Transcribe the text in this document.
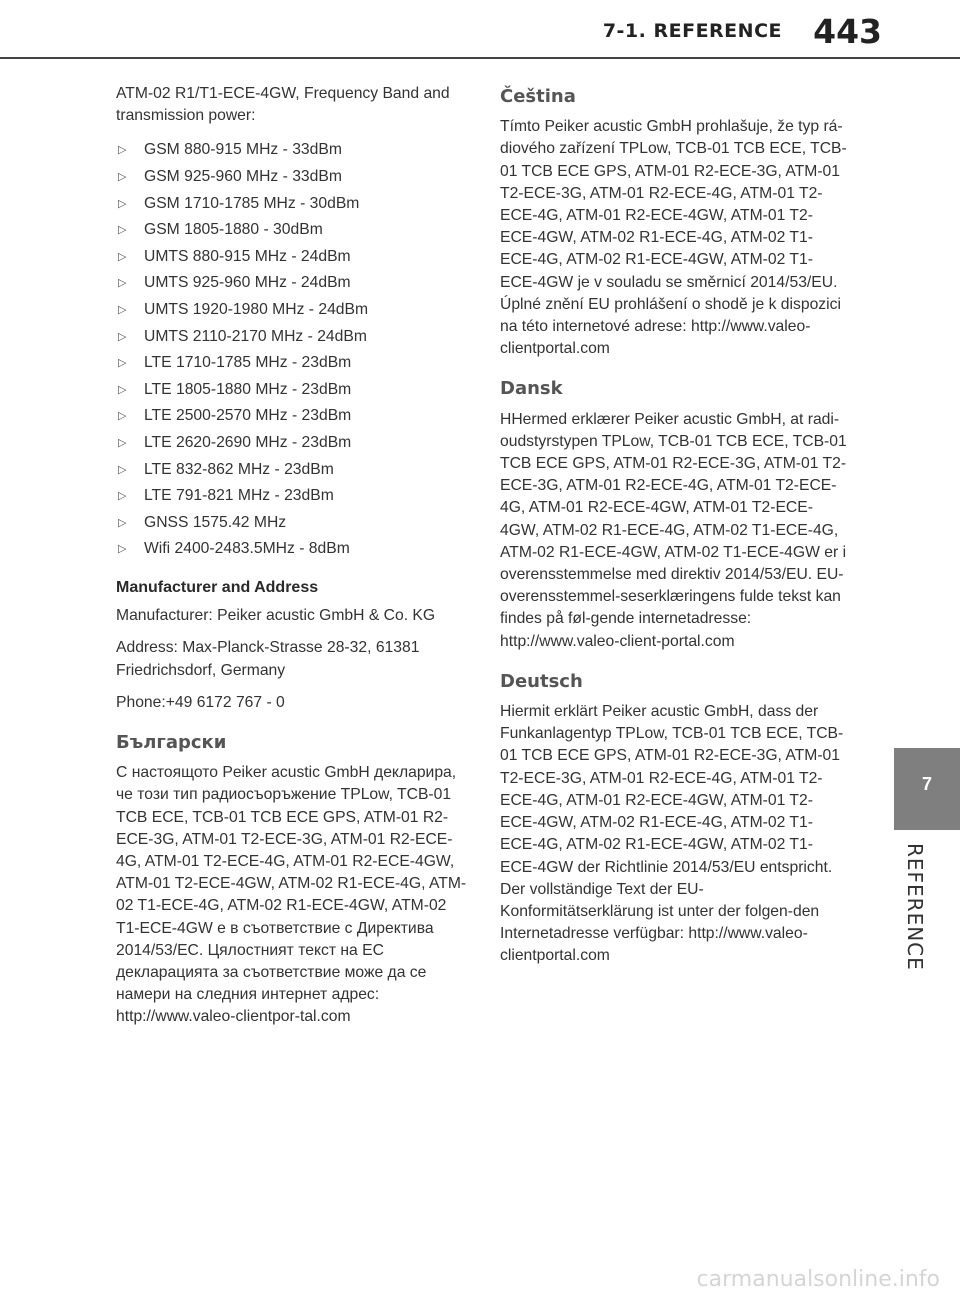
7-1. REFERENCE 443

ATM-02 R1/T1-ECE-4GW, Frequency Band and transmission power:

▷ GSM 880-915 MHz - 33dBm
▷ GSM 925-960 MHz - 33dBm
▷ GSM 1710-1785 MHz - 30dBm
▷ GSM 1805-1880 - 30dBm
▷ UMTS 880-915 MHz - 24dBm
▷ UMTS 925-960 MHz - 24dBm
▷ UMTS 1920-1980 MHz - 24dBm
▷ UMTS 2110-2170 MHz - 24dBm
▷ LTE 1710-1785 MHz - 23dBm
▷ LTE 1805-1880 MHz - 23dBm
▷ LTE 2500-2570 MHz - 23dBm
▷ LTE 2620-2690 MHz - 23dBm
▷ LTE 832-862 MHz - 23dBm
▷ LTE 791-821 MHz - 23dBm
▷ GNSS 1575.42 MHz
▷ Wifi 2400-2483.5MHz - 8dBm
Manufacturer and Address

Manufacturer: Peiker acustic GmbH & Co. KG

Address: Max-Planck-Strasse 28-32, 61381 Friedrichsdorf, Germany

Phone:+49 6172 767 - 0

Български

С настоящото Peiker acustic GmbH декларира, че този тип радиосъоръжение TPLow, TCB-01 TCB ECE, TCB-01 TCB ECE GPS, ATM-01 R2-ECE-3G, ATM-01 T2-ECE-3G, ATM-01 R2-ECE-4G, ATM-01 T2-ECE-4G, ATM-01 R2-ECE-4GW, ATM-01 T2-ECE-4GW, ATM-02 R1-ECE-4G, ATM-02 T1-ECE-4G, ATM-02 R1-ECE-4GW, ATM-02 T1-ECE-4GW е в съответствие с Директива 2014/53/ЕС. Цялостният текст на ЕС декларацията за съответствие може да се намери на следния интернет адрес: http://www.valeo-clientpor-tal.com

Čeština

Tímto Peiker acustic GmbH prohlašuje, že typ rá-diového zařízení TPLow, TCB-01 TCB ECE, TCB-01 TCB ECE GPS, ATM-01 R2-ECE-3G, ATM-01 T2-ECE-3G, ATM-01 R2-ECE-4G, ATM-01 T2-ECE-4G, ATM-01 R2-ECE-4GW, ATM-01 T2-ECE-4GW, ATM-02 R1-ECE-4G, ATM-02 T1-ECE-4G, ATM-02 R1-ECE-4GW, ATM-02 T1-ECE-4GW je v souladu se směrnicí 2014/53/EU. Úplné znění EU prohlášení o shodě je k dispozici na této internetové adrese: http://www.valeo-clientportal.com

Dansk

HHermed erklærer Peiker acustic GmbH, at radi-oudstyrstypen TPLow, TCB-01 TCB ECE, TCB-01 TCB ECE GPS, ATM-01 R2-ECE-3G, ATM-01 T2-ECE-3G, ATM-01 R2-ECE-4G, ATM-01 T2-ECE-4G, ATM-01 R2-ECE-4GW, ATM-01 T2-ECE-4GW, ATM-02 R1-ECE-4G, ATM-02 T1-ECE-4G, ATM-02 R1-ECE-4GW, ATM-02 T1-ECE-4GW er i overensstemmelse med direktiv 2014/53/EU. EU-overensstemmel-seserklæringens fulde tekst kan findes på føl-gende internetadresse: http://www.valeo-client-portal.com

Deutsch

Hiermit erklärt Peiker acustic GmbH, dass der Funkanlagentyp TPLow, TCB-01 TCB ECE, TCB-01 TCB ECE GPS, ATM-01 R2-ECE-3G, ATM-01 T2-ECE-3G, ATM-01 R2-ECE-4G, ATM-01 T2-ECE-4G, ATM-01 R2-ECE-4GW, ATM-01 T2-ECE-4GW, ATM-02 R1-ECE-4G, ATM-02 T1-ECE-4G, ATM-02 R1-ECE-4GW, ATM-02 T1-ECE-4GW der Richtlinie 2014/53/EU entspricht. Der vollständige Text der EU-Konformitätserklärung ist unter der folgen-den Internetadresse verfügbar: http://www.valeo-clientportal.com

7
REFERENCE
carmanualsonline.info
